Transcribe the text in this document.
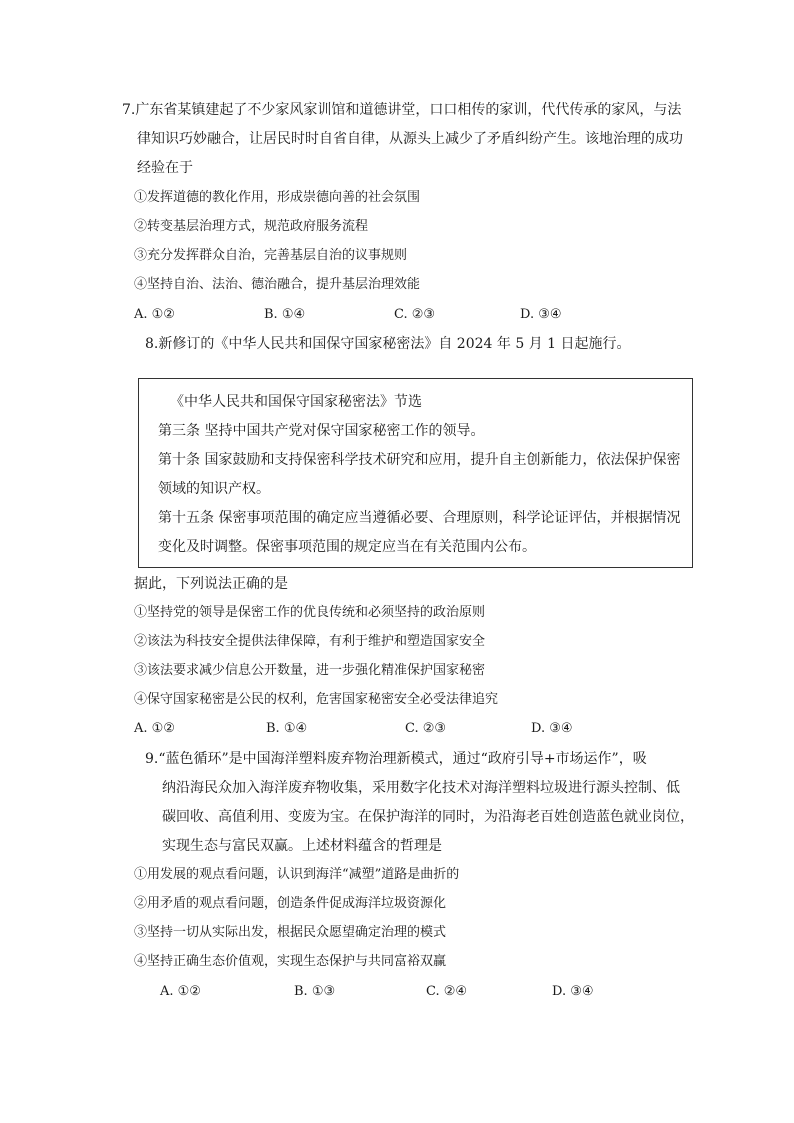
7.广东省某镇建起了不少家风家训馆和道德讲堂，口口相传的家训，代代传承的家风，与法
律知识巧妙融合，让居民时时自省自律，从源头上减少了矛盾纠纷产生。该地治理的成功
经验在于
①发挥道德的教化作用，形成崇德向善的社会氛围
②转变基层治理方式，规范政府服务流程
③充分发挥群众自治，完善基层自治的议事规则
④坚持自治、法治、德治融合，提升基层治理效能
A. ①②	B. ①④	C. ②③	D. ③④
8.新修订的《中华人民共和国保守国家秘密法》自 2024 年 5 月 1 日起施行。
《中华人民共和国保守国家秘密法》节选
第三条 坚持中国共产党对保守国家秘密工作的领导。
第十条 国家鼓励和支持保密科学技术研究和应用，提升自主创新能力，依法保护保密
领域的知识产权。
第十五条 保密事项范围的确定应当遵循必要、合理原则，科学论证评估，并根据情况
变化及时调整。保密事项范围的规定应当在有关范围内公布。
据此，下列说法正确的是
①坚持党的领导是保密工作的优良传统和必须坚持的政治原则
②该法为科技安全提供法律保障，有利于维护和塑造国家安全
③该法要求减少信息公开数量，进一步强化精准保护国家秘密
④保守国家秘密是公民的权利，危害国家秘密安全必受法律追究
A. ①②	B. ①④	C. ②③	D. ③④
9.“蓝色循环”是中国海洋塑料废弃物治理新模式，通过“政府引导+市场运作”，吸
纳沿海民众加入海洋废弃物收集，采用数字化技术对海洋塑料垃圾进行源头控制、低
碳回收、高值利用、变废为宝。在保护海洋的同时，为沿海老百姓创造蓝色就业岗位，
实现生态与富民双赢。上述材料蕴含的哲理是
①用发展的观点看问题，认识到海洋“减塑”道路是曲折的
②用矛盾的观点看问题，创造条件促成海洋垃圾资源化
③坚持一切从实际出发，根据民众愿望确定治理的模式
④坚持正确生态价值观，实现生态保护与共同富裕双赢
A. ①②	B. ①③	C. ②④	D. ③④
